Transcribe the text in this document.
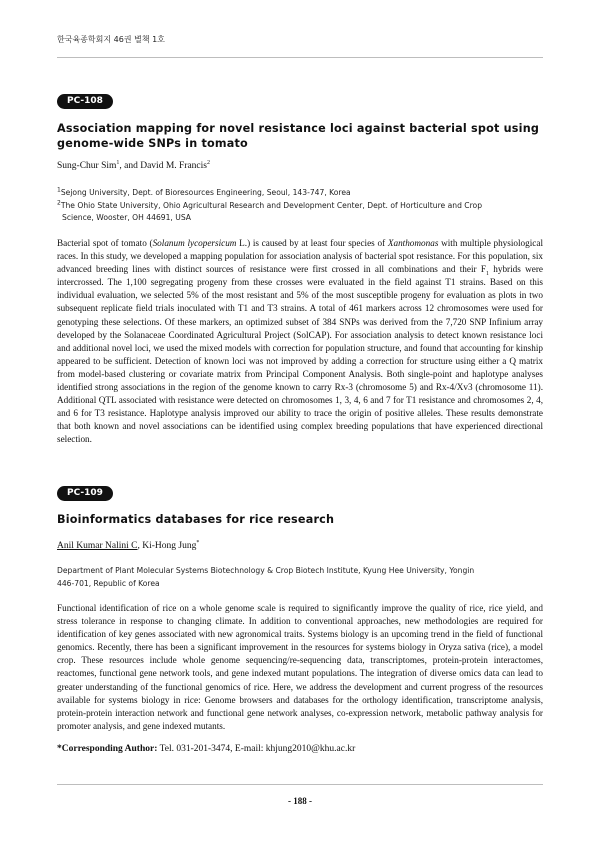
한국육종학회지 46권 별책 1호
PC-108
Association mapping for novel resistance loci against bacterial spot using genome-wide SNPs in tomato
Sung-Chur Sim$^1$, and David M. Francis$^2$
$^1$Sejong University, Dept. of Bioresources Engineering, Seoul, 143-747, Korea
$^2$The Ohio State University, Ohio Agricultural Research and Development Center, Dept. of Horticulture and Crop
Science, Wooster, OH 44691, USA

Bacterial spot of tomato (Solanum lycopersicum L.) is caused by at least four species of Xanthomonas with multiple physiological races. In this study, we developed a mapping population for association analysis of bacterial spot resistance. For this population, six advanced breeding lines with distinct sources of resistance were first crossed in all combinations and their $F_1$ hybrids were intercrossed. The 1,100 segregating progeny from these crosses were evaluated in the field against T1 strains. Based on this individual evaluation, we selected 5% of the most resistant and 5% of the most susceptible progeny for evaluation as plots in two subsequent replicate field trials inoculated with T1 and T3 strains. A total of 461 markers across 12 chromosomes were used for genotyping these selections. Of these markers, an optimized subset of 384 SNPs was derived from the 7,720 SNP Infinium array developed by the Solanaceae Coordinated Agricultural Project (SolCAP). For association analysis to detect known resistance loci and additional novel loci, we used the mixed models with correction for population structure, and found that accounting for kinship appeared to be sufficient. Detection of known loci was not improved by adding a correction for structure using either a Q matrix from model-based clustering or covariate matrix from Principal Component Analysis. Both single-point and haplotype analyses identified strong associations in the region of the genome known to carry Rx-3 (chromosome 5) and Rx-4/Xv3 (chromosome 11). Additional QTL associated with resistance were detected on chromosomes 1, 3, 4, 6 and 7 for T1 resistance and chromosomes 2, 4, and 6 for T3 resistance. Haplotype analysis improved our ability to trace the origin of positive alleles. These results demonstrate that both known and novel associations can be identified using complex breeding populations that have experienced directional selection.

PC-109
Bioinformatics databases for rice research
Anil Kumar Nalini C, Ki-Hong Jung*
Department of Plant Molecular Systems Biotechnology & Crop Biotech Institute, Kyung Hee University, Yongin
446-701, Republic of Korea

Functional identification of rice on a whole genome scale is required to significantly improve the quality of rice, rice yield, and stress tolerance in response to changing climate. In addition to conventional approaches, new methodologies are required for identification of key genes associated with new agronomical traits. Systems biology is an upcoming trend in the field of functional genomics. Recently, there has been a significant improvement in the resources for systems biology in Oryza sativa (rice), a model crop. These resources include whole genome sequencing/re-sequencing data, transcriptomes, protein-protein interactomes, reactomes, functional gene network tools, and gene indexed mutant populations. The integration of diverse omics data can lead to greater understanding of the functional genomics of rice. Here, we address the development and current progress of the resources available for systems biology in rice: Genome browsers and databases for the orthology identification, transcriptome analysis, protein-protein interaction network and functional gene network analyses, co-expression network, metabolic pathway analysis for promoter analysis, and gene indexed mutants.

*Corresponding Author: Tel. 031-201-3474, E-mail: khjung2010@khu.ac.kr
- 188 -
